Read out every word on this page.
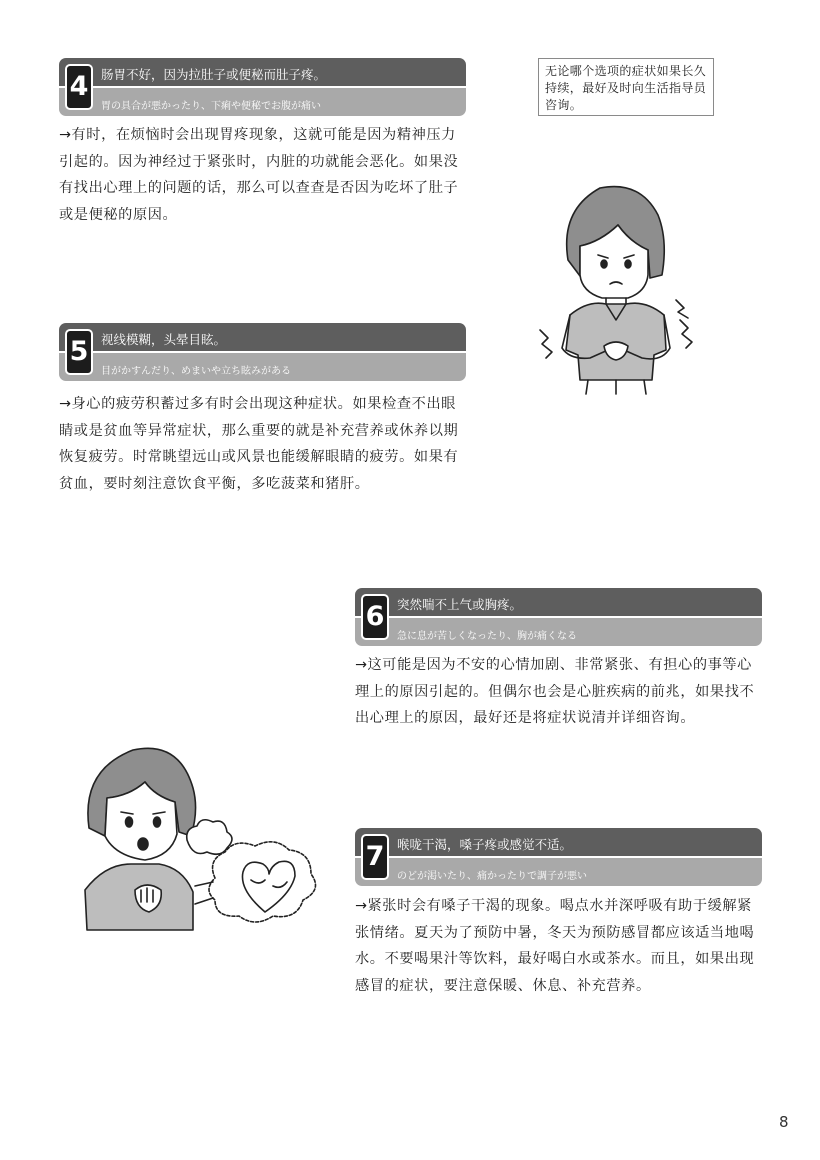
4	肠胃不好，因为拉肚子或便秘而肚子疼。
胃の具合が悪かったり、下痢や便秘でお腹が痛い
→有时，在烦恼时会出现胃疼现象，这就可能是因为精神压力引起的。因为神经过于紧张时，内脏的功就能会恶化。如果没有找出心理上的问题的话，那么可以查查是否因为吃坏了肚子或是便秘的原因。
5	视线模糊，头晕目眩。
目がかすんだり、めまいや立ち眩みがある
→身心的疲劳积蓄过多有时会出现这种症状。如果检查不出眼睛或是贫血等异常症状，那么重要的就是补充营养或休养以期恢复疲劳。时常眺望远山或风景也能缓解眼睛的疲劳。如果有贫血，要时刻注意饮食平衡，多吃菠菜和猪肝。
6	突然喘不上气或胸疼。
急に息が苦しくなったり、胸が痛くなる
→这可能是因为不安的心情加剧、非常紧张、有担心的事等心理上的原因引起的。但偶尔也会是心脏疾病的前兆，如果找不出心理上的原因，最好还是将症状说清并详细咨询。
7	喉咙干渴，嗓子疼或感觉不适。
のどが渇いたり、痛かったりで調子が悪い
→紧张时会有嗓子干渴的现象。喝点水并深呼吸有助于缓解紧张情绪。夏天为了预防中暑，冬天为预防感冒都应该适当地喝水。不要喝果汁等饮料，最好喝白水或茶水。而且，如果出现感冒的症状，要注意保暖、休息、补充营养。
无论哪个选项的症状如果长久持续，最好及时向生活指导员咨询。
8
